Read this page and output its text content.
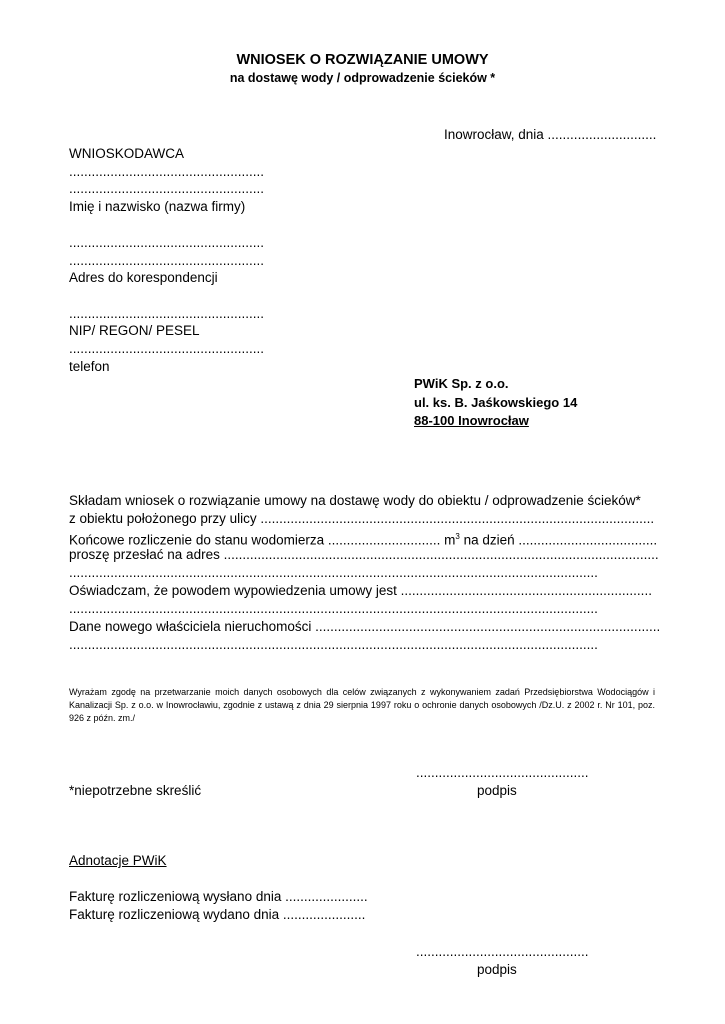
WNIOSEK O ROZWIĄZANIE UMOWY
na dostawę wody / odprowadzenie ścieków *
Inowrocław, dnia .............................
WNIOSKODAWCA
....................................................
....................................................
Imię i nazwisko (nazwa firmy)
....................................................
....................................................
Adres do korespondencji
....................................................
NIP/ REGON/ PESEL
....................................................
telefon
PWiK Sp. z o.o.
ul. ks. B. Jaśkowskiego 14
88-100 Inowrocław
Składam wniosek o rozwiązanie umowy na dostawę wody do obiektu / odprowadzenie ścieków*
z obiektu położonego przy ulicy .........................................................................................................
Końcowe rozliczenie do stanu wodomierza .............................. $m^3$ na dzień .....................................
proszę przesłać na adres ....................................................................................................................
.............................................................................................................................................
Oświadczam, że powodem wypowiedzenia umowy jest ...................................................................
.............................................................................................................................................
Dane nowego właściciela nieruchomości ............................................................................................
.............................................................................................................................................
Wyrażam zgodę na przetwarzanie moich danych osobowych dla celów związanych z wykonywaniem zadań Przedsiębiorstwa Wodociągów i Kanalizacji Sp. z o.o. w Inowrocławiu, zgodnie z ustawą z dnia 29 sierpnia 1997 roku o ochronie danych osobowych /Dz.U. z 2002 r. Nr 101, poz. 926 z późn. zm./
..............................................
*niepotrzebne skreślić	podpis
Adnotacje PWiK
Fakturę rozliczeniową wysłano dnia ......................
Fakturę rozliczeniową wydano dnia ......................
..............................................
podpis
